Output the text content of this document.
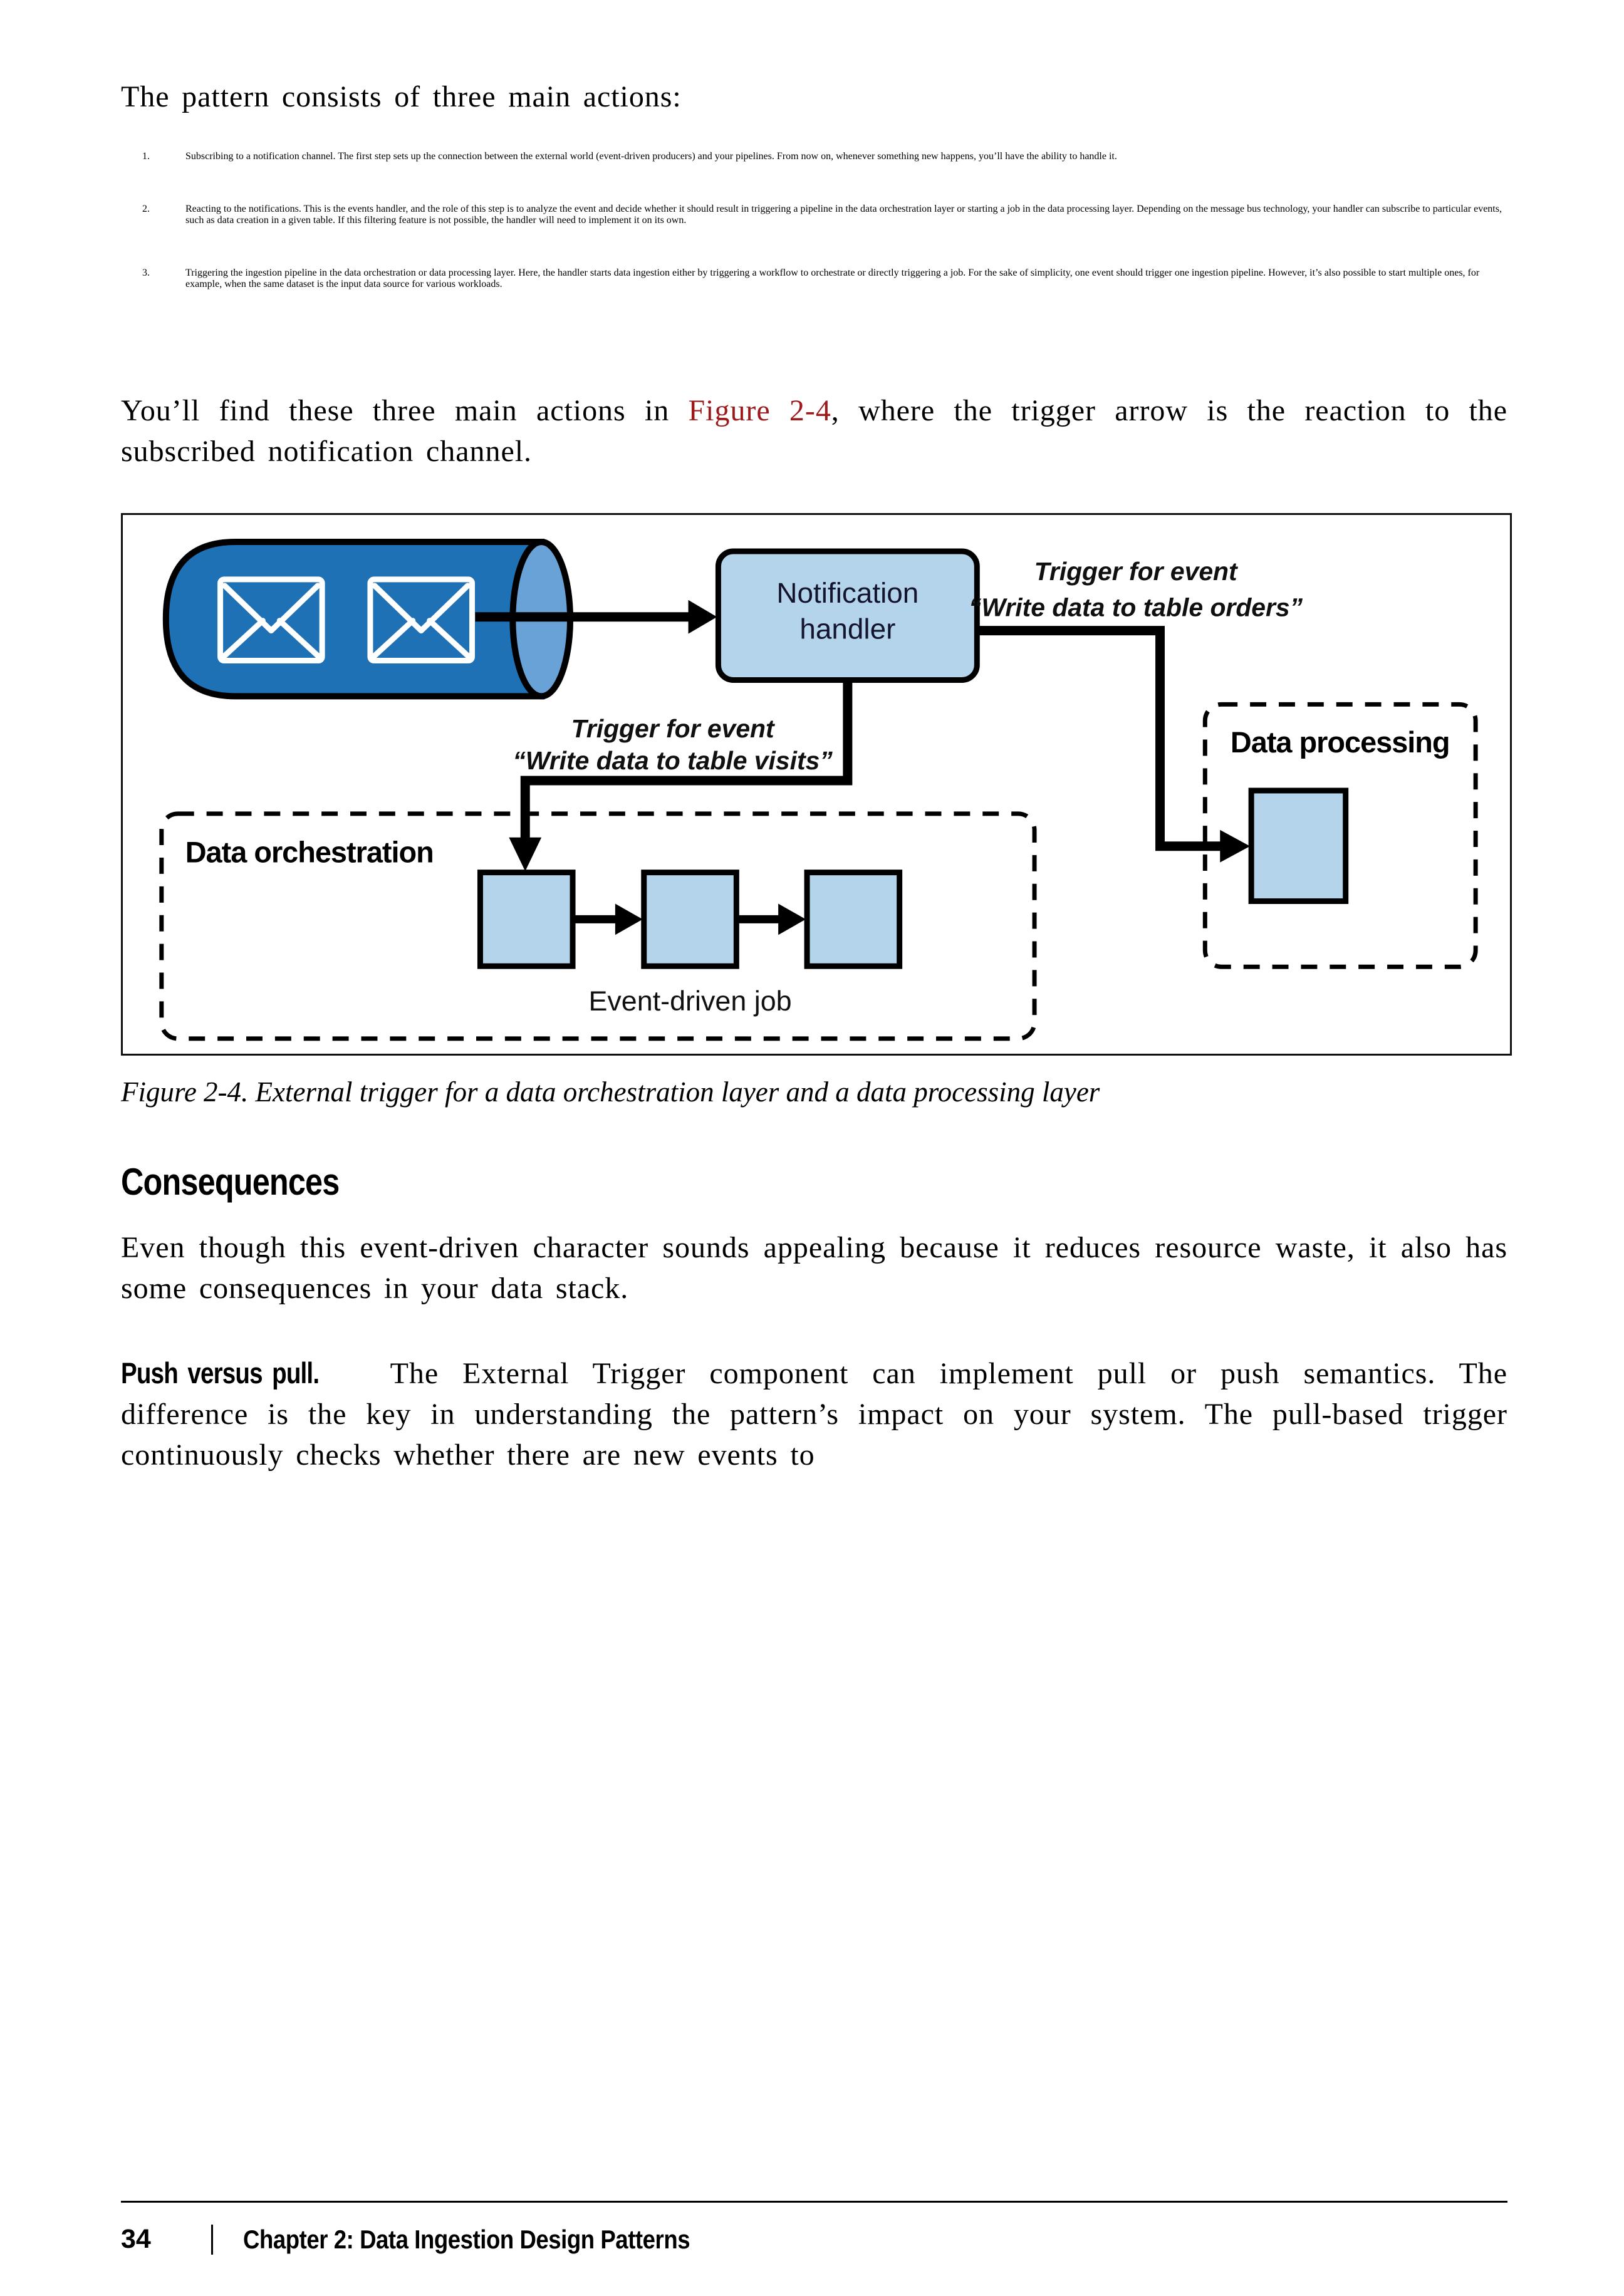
The pattern consists of three main actions:

1.	Subscribing to a notification channel. The first step sets up the connection between the external world (event-driven producers) and your pipelines. From now on, whenever something new happens, you’ll have the ability to handle it.
2.	Reacting to the notifications. This is the events handler, and the role of this step is to analyze the event and decide whether it should result in triggering a pipeline in the data orchestration layer or starting a job in the data processing layer. Depending on the message bus technology, your handler can subscribe to particular events, such as data creation in a given table. If this filtering feature is not possible, the handler will need to implement it on its own.
3.	Triggering the ingestion pipeline in the data orchestration or data processing layer. Here, the handler starts data ingestion either by triggering a workflow to orchestrate or directly triggering a job. For the sake of simplicity, one event should trigger one ingestion pipeline. However, it’s also possible to start multiple ones, for example, when the same dataset is the input data source for various workloads.

You’ll find these three main actions in Figure 2-4, where the trigger arrow is the reaction to the subscribed notification channel.

Notification
handler
Trigger for event
“Write data to table orders”
Data processing
Trigger for event
“Write data to table visits”
Data orchestration
Event-driven job

Figure 2-4. External trigger for a data orchestration layer and a data processing layer

Consequences

Even though this event-driven character sounds appealing because it reduces resource waste, it also has some consequences in your data stack.

Push versus pull. The External Trigger component can implement pull or push semantics. The difference is the key in understanding the pattern’s impact on your system. The pull-based trigger continuously checks whether there are new events to

34	Chapter 2: Data Ingestion Design Patterns
